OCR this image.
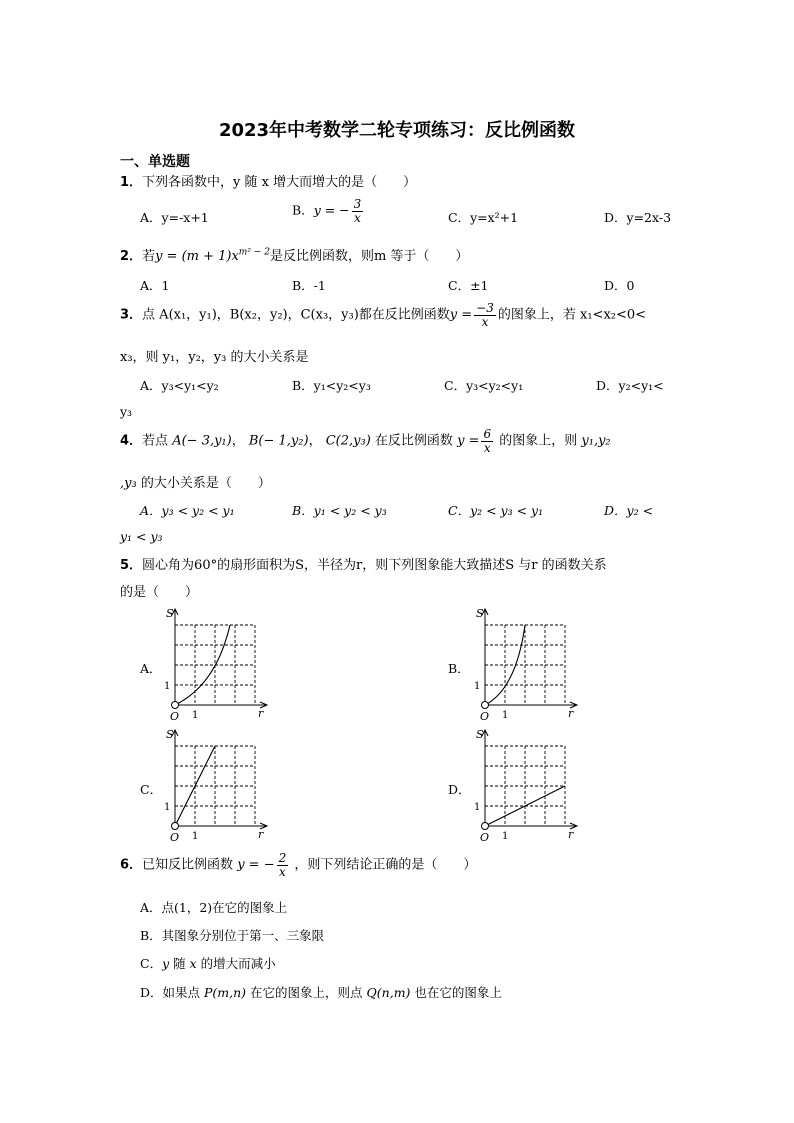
2023年中考数学二轮专项练习：反比例函数
一、单选题
1．下列各函数中，y 随 x 增大而增大的是（　　）
A．y=-x+1	B．y = − $\frac{3}{x}$	C．y=x²+1	D．y=2x-3
2．若$y = (m + 1)x^{m^2 - 2}$是反比例函数，则m 等于（　　）
A．1	B．-1	C．±1	D．0
3．点 A(x₁，y₁)，B(x₂，y₂)，C(x₃，y₃)都在反比例函数$y = \frac{-3}{x}$ 的图象上，若 x₁<x₂<0<
x₃，则 y₁，y₂，y₃ 的大小关系是
A．y₃<y₁<y₂	B．y₁<y₂<y₃	C．y₃<y₂<y₁	D．y₂<y₁<
y₃
4．若点 A(− 3,y₁)， B(− 1,y₂)， C(2,y₃) 在反比例函数 $y = \frac{6}{x}$ 的图象上，则 y₁,y₂
,y₃ 的大小关系是（　　）
A．y₃ < y₂ < y₁	B．y₁ < y₂ < y₃	C．y₂ < y₃ < y₁	D．y₂ <
y₁ < y₃
5．圆心角为60°的扇形面积为S，半径为r，则下列图象能大致描述S 与r 的函数关系
的是（　　）
A．	B．
C．	D．
S
r
O 1
1
S
r
O 1
1
S
r
O 1
1
S
r
O 1
1
6．已知反比例函数 y = − $\frac{2}{x}$ ，则下列结论正确的是（　　）
A．点(1，2)在它的图象上
B．其图象分别位于第一、三象限
C．y 随 x 的增大而减小
D．如果点 P(m,n) 在它的图象上，则点 Q(n,m) 也在它的图象上
